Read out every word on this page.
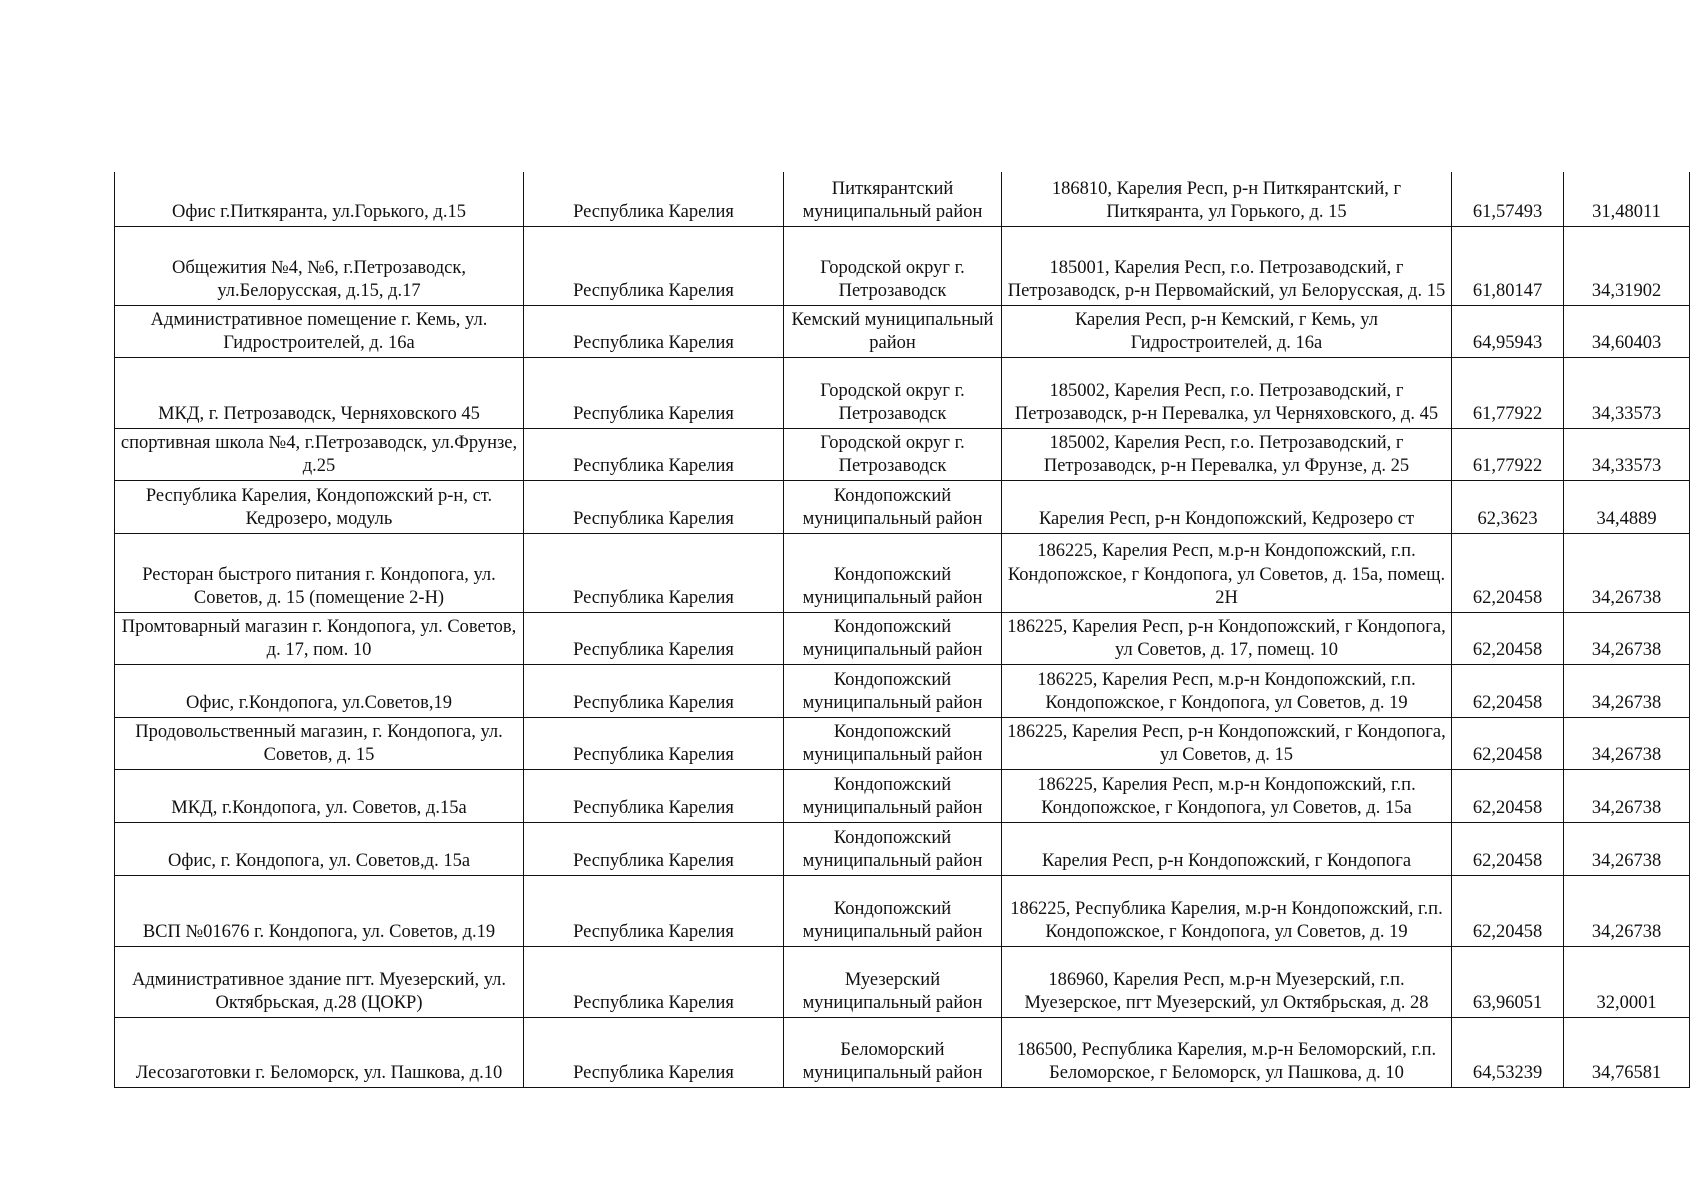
Офис г.Питкяранта, ул.Горького, д.15	Республика Карелия	Питкярантский муниципальный район	186810, Карелия Респ, р-н Питкярантский, г Питкяранта, ул Горького, д. 15	61,57493	31,48011
Общежития №4, №6, г.Петрозаводск, ул.Белорусская, д.15, д.17	Республика Карелия	Городской округ г. Петрозаводск	185001, Карелия Респ, г.о. Петрозаводский, г Петрозаводск, р-н Первомайский, ул Белорусская, д. 15	61,80147	34,31902
Административное помещение г. Кемь, ул. Гидростроителей, д. 16а	Республика Карелия	Кемский муниципальный район	Карелия Респ, р-н Кемский, г Кемь, ул Гидростроителей, д. 16а	64,95943	34,60403
МКД, г. Петрозаводск, Черняховского 45	Республика Карелия	Городской округ г. Петрозаводск	185002, Карелия Респ, г.о. Петрозаводский, г Петрозаводск, р-н Перевалка, ул Черняховского, д. 45	61,77922	34,33573
спортивная школа №4, г.Петрозаводск, ул.Фрунзе, д.25	Республика Карелия	Городской округ г. Петрозаводск	185002, Карелия Респ, г.о. Петрозаводский, г Петрозаводск, р-н Перевалка, ул Фрунзе, д. 25	61,77922	34,33573
Республика Карелия, Кондопожский р-н, ст. Кедрозеро, модуль	Республика Карелия	Кондопожский муниципальный район	Карелия Респ, р-н Кондопожский, Кедрозеро ст	62,3623	34,4889
Ресторан быстрого питания г. Кондопога, ул. Советов, д. 15 (помещение 2-Н)	Республика Карелия	Кондопожский муниципальный район	186225, Карелия Респ, м.р-н Кондопожский, г.п. Кондопожское, г Кондопога, ул Советов, д. 15а, помещ. 2Н	62,20458	34,26738
Промтоварный магазин г. Кондопога, ул. Советов, д. 17, пом. 10	Республика Карелия	Кондопожский муниципальный район	186225, Карелия Респ, р-н Кондопожский, г Кондопога, ул Советов, д. 17, помещ. 10	62,20458	34,26738
Офис, г.Кондопога, ул.Советов,19	Республика Карелия	Кондопожский муниципальный район	186225, Карелия Респ, м.р-н Кондопожский, г.п. Кондопожское, г Кондопога, ул Советов, д. 19	62,20458	34,26738
Продовольственный магазин, г. Кондопога, ул. Советов, д. 15	Республика Карелия	Кондопожский муниципальный район	186225, Карелия Респ, р-н Кондопожский, г Кондопога, ул Советов, д. 15	62,20458	34,26738
МКД, г.Кондопога, ул. Советов, д.15а	Республика Карелия	Кондопожский муниципальный район	186225, Карелия Респ, м.р-н Кондопожский, г.п. Кондопожское, г Кондопога, ул Советов, д. 15а	62,20458	34,26738
Офис, г. Кондопога, ул. Советов,д. 15а	Республика Карелия	Кондопожский муниципальный район	Карелия Респ, р-н Кондопожский, г Кондопога	62,20458	34,26738
ВСП №01676 г. Кондопога, ул. Советов, д.19	Республика Карелия	Кондопожский муниципальный район	186225, Республика Карелия, м.р-н Кондопожский, г.п. Кондопожское, г Кондопога, ул Советов, д. 19	62,20458	34,26738
Административное здание пгт. Муезерский, ул. Октябрьская, д.28 (ЦОКР)	Республика Карелия	Муезерский муниципальный район	186960, Карелия Респ, м.р-н Муезерский, г.п. Муезерское, пгт Муезерский, ул Октябрьская, д. 28	63,96051	32,0001
Лесозаготовки г. Беломорск, ул. Пашкова, д.10	Республика Карелия	Беломорский муниципальный район	186500, Республика Карелия, м.р-н Беломорский, г.п. Беломорское, г Беломорск, ул Пашкова, д. 10	64,53239	34,76581
